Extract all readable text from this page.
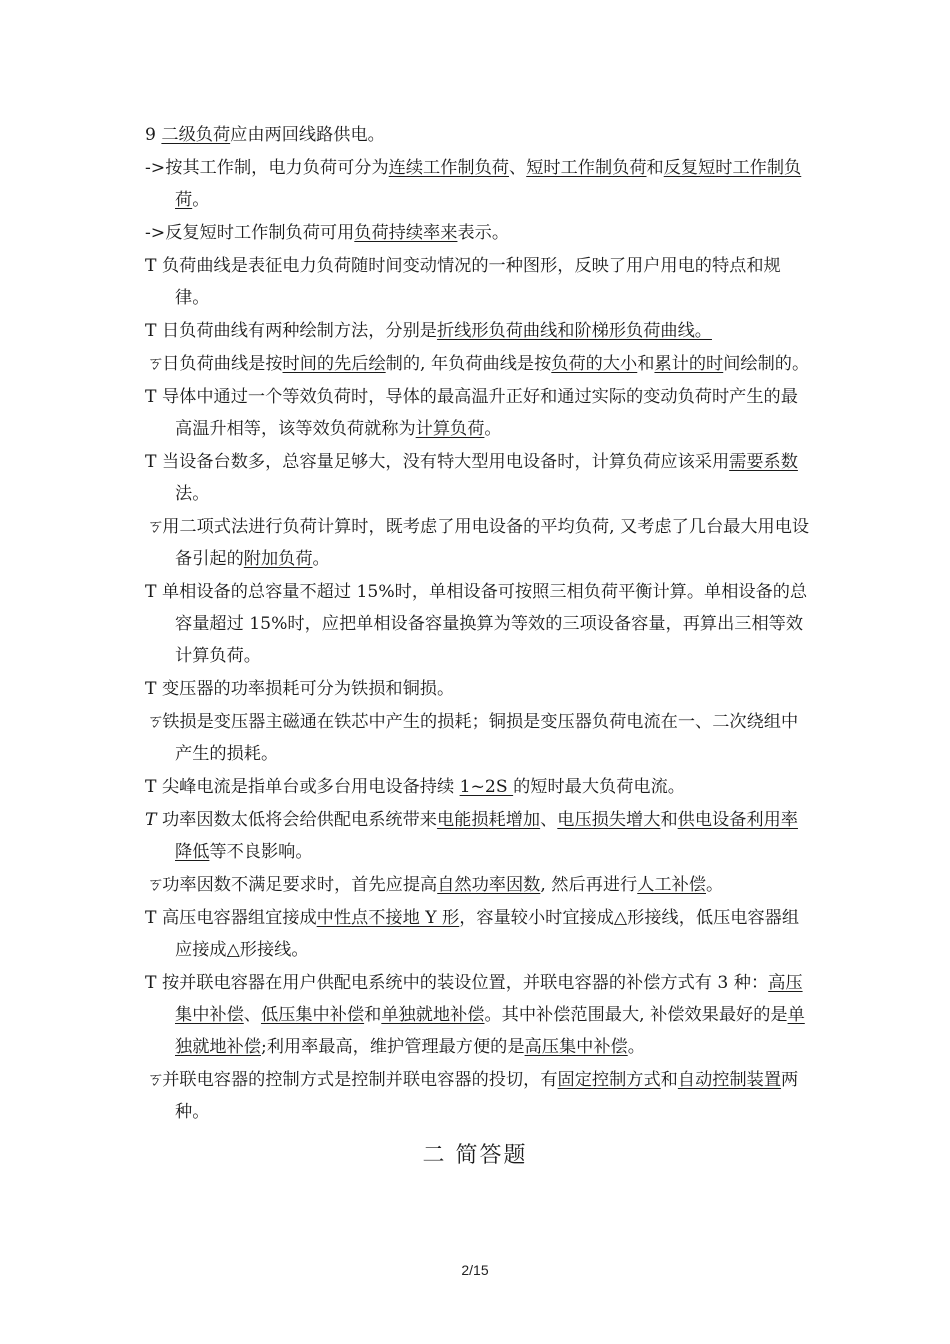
9 二级负荷应由两回线路供电。

->按其工作制，电力负荷可分为连续工作制负荷、短时工作制负荷和反复短时工作制负荷。

->反复短时工作制负荷可用负荷持续率来表示。

T 负荷曲线是表征电力负荷随时间变动情况的一种图形，反映了用户用电的特点和规律。

T 日负荷曲线有两种绘制方法，分别是折线形负荷曲线和阶梯形负荷曲线。

ㄎ日负荷曲线是按时间的先后绘制的, 年负荷曲线是按负荷的大小和累计的时间绘制的。

T 导体中通过一个等效负荷时，导体的最高温升正好和通过实际的变动负荷时产生的最高温升相等，该等效负荷就称为计算负荷。

T 当设备台数多，总容量足够大，没有特大型用电设备时，计算负荷应该采用需要系数法。

ㄎ用二项式法进行负荷计算时，既考虑了用电设备的平均负荷, 又考虑了几台最大用电设备引起的附加负荷。

T 单相设备的总容量不超过 15%时，单相设备可按照三相负荷平衡计算。单相设备的总容量超过 15%时，应把单相设备容量换算为等效的三项设备容量，再算出三相等效计算负荷。

T 变压器的功率损耗可分为铁损和铜损。

ㄎ铁损是变压器主磁通在铁芯中产生的损耗；铜损是变压器负荷电流在一、二次绕组中产生的损耗。

T 尖峰电流是指单台或多台用电设备持续 1~2S 的短时最大负荷电流。

T 功率因数太低将会给供配电系统带来电能损耗增加、电压损失增大和供电设备利用率降低等不良影响。

ㄎ功率因数不满足要求时，首先应提高自然功率因数, 然后再进行人工补偿。

T 高压电容器组宜接成中性点不接地 Y 形，容量较小时宜接成△形接线，低压电容器组应接成△形接线。

T 按并联电容器在用户供配电系统中的装设位置，并联电容器的补偿方式有 3 种：高压集中补偿、低压集中补偿和单独就地补偿。其中补偿范围最大, 补偿效果最好的是单独就地补偿;利用率最高，维护管理最方便的是高压集中补偿。

ㄎ并联电容器的控制方式是控制并联电容器的投切，有固定控制方式和自动控制装置两种。

二 简答题
2/15
